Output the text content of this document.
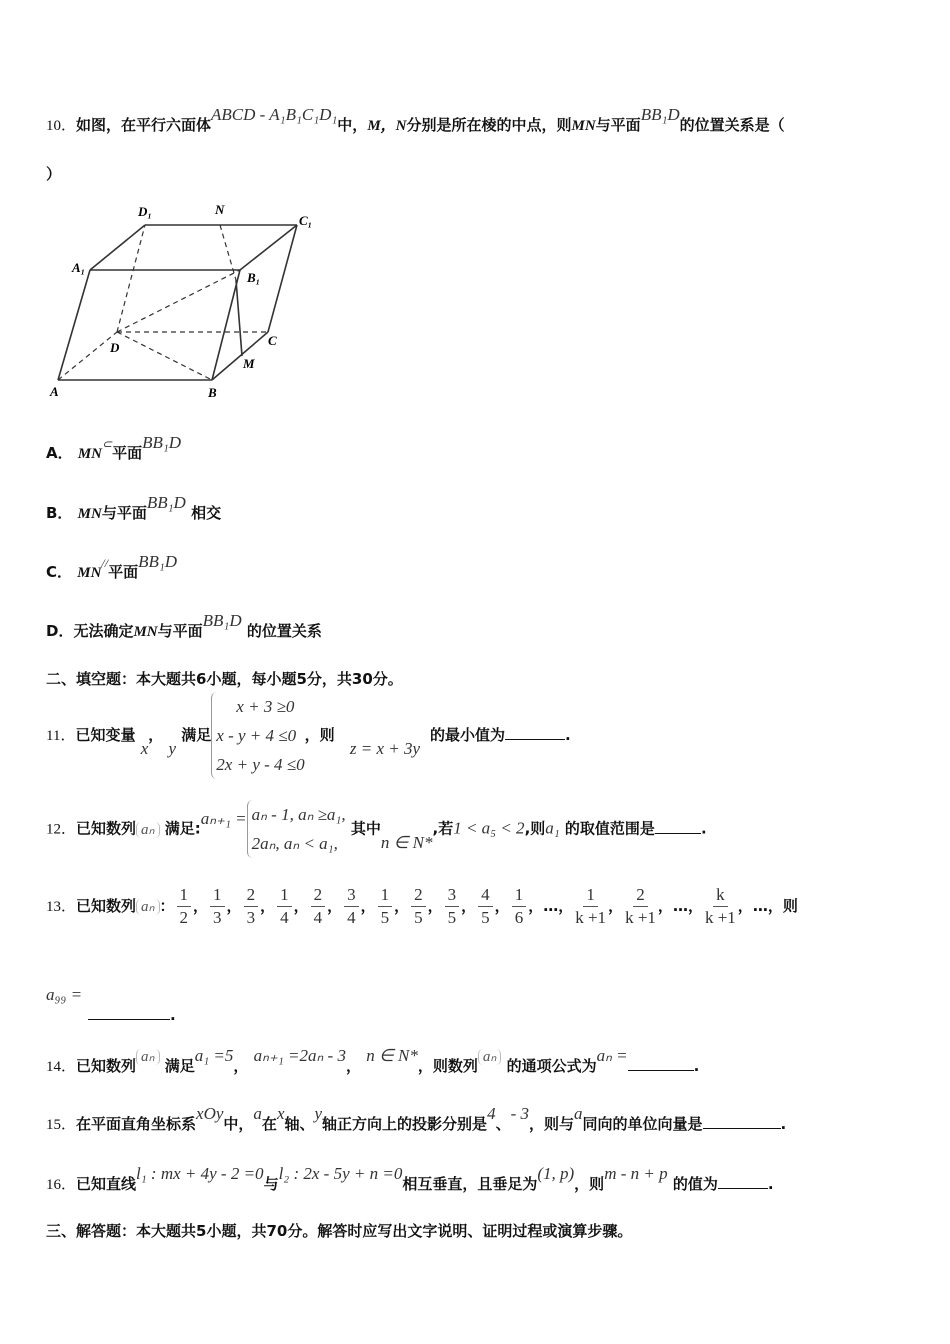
10．如图，在平行六面体ABCD - A₁B₁C₁D₁中，M，N分别是所在棱的中点，则MN与平面BB₁D的位置关系是（
）
A	B
C
D
A₁
B₁
C₁
D₁
M
N
A． MN⊂平面BB₁D
B． MN与平面BB₁D 相交
C． MN//平面BB₁D
D．无法确定MN与平面BB₁D 的位置关系
二、填空题：本大题共6小题，每小题5分，共30分。
11．已知变量 x， y 满足
x + 3 ≥0
x - y + 4 ≤0
2x + y - 4 ≤0
，则 z = x + 3y的最小值为	.
12．已知数列 aₙ 满足:aₙ₊₁ = aₙ - 1, aₙ ≥a₁,
2aₙ, aₙ < a₁,
其中n ∈ N*,若1 < a₅ < 2,则a₁ 的取值范围是	.
13．已知数列 aₙ ： $\frac{1}{2}$ ， $\frac{1}{3}$ ， $\frac{2}{3}$ ， $\frac{1}{4}$ ， $\frac{2}{4}$ ， $\frac{3}{4}$ ， $\frac{1}{5}$ ， $\frac{2}{5}$ ， $\frac{3}{5}$ ， $\frac{4}{5}$ ， $\frac{1}{6}$ ，…， $\frac{1}{k +1}$ ， $\frac{2}{k +1}$ ，…， $\frac{k}{k +1}$ ，…，则
a₉₉ =
.
14．已知数列 aₙ 满足a₁ =5， aₙ₊₁ =2aₙ - 3， n ∈ N*，则数列 aₙ 的通项公式为aₙ =.
15．在平面直角坐标系xOy中，a在x轴、y轴正方向上的投影分别是4、- 3，则与a同向的单位向量是	.
16．已知直线l₁ : mx + 4y - 2 =0与l₂ : 2x - 5y + n =0相互垂直，且垂足为(1, p)，则m - n + p 的值为	.
三、解答题：本大题共5小题，共70分。解答时应写出文字说明、证明过程或演算步骤。
